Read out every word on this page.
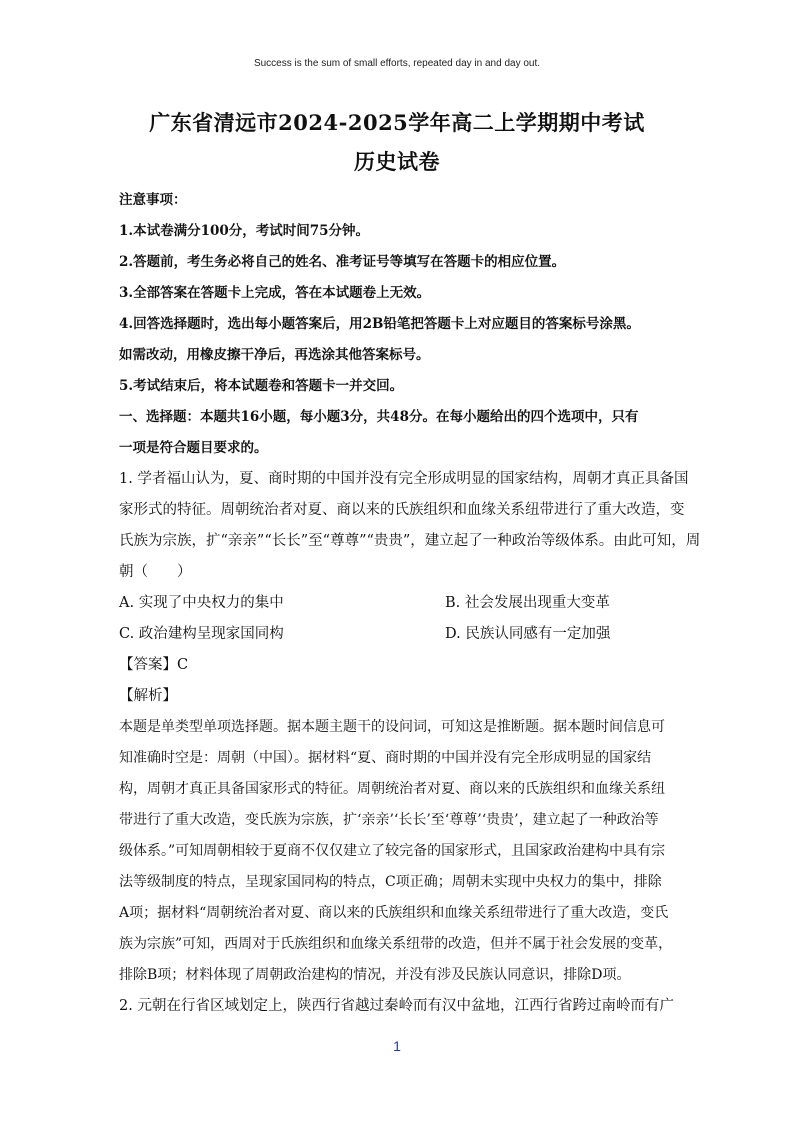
Success is the sum of small efforts, repeated day in and day out.
广东省清远市2024-2025学年高二上学期期中考试
历史试卷
注意事项：
1.本试卷满分100分，考试时间75分钟。
2.答题前，考生务必将自己的姓名、准考证号等填写在答题卡的相应位置。
3.全部答案在答题卡上完成，答在本试题卷上无效。
4.回答选择题时，选出每小题答案后，用2B铅笔把答题卡上对应题目的答案标号涂黑。
如需改动，用橡皮擦干净后，再选涂其他答案标号。
5.考试结束后，将本试题卷和答题卡一并交回。
一、选择题：本题共16小题，每小题3分，共48分。在每小题给出的四个选项中，只有
一项是符合题目要求的。
1. 学者福山认为，夏、商时期的中国并没有完全形成明显的国家结构，周朝才真正具备国
家形式的特征。周朝统治者对夏、商以来的氏族组织和血缘关系纽带进行了重大改造，变
氏族为宗族，扩“亲亲”“长长”至“尊尊”“贵贵”，建立起了一种政治等级体系。由此可知，周
朝（　　）
A. 实现了中央权力的集中	B. 社会发展出现重大变革
C. 政治建构呈现家国同构	D. 民族认同感有一定加强
【答案】C
【解析】
本题是单类型单项选择题。据本题主题干的设问词，可知这是推断题。据本题时间信息可
知准确时空是：周朝（中国）。据材料“夏、商时期的中国并没有完全形成明显的国家结
构，周朝才真正具备国家形式的特征。周朝统治者对夏、商以来的氏族组织和血缘关系纽
带进行了重大改造，变氏族为宗族，扩‘亲亲’‘长长’至‘尊尊’‘贵贵’，建立起了一种政治等
级体系。”可知周朝相较于夏商不仅仅建立了较完备的国家形式，且国家政治建构中具有宗
法等级制度的特点，呈现家国同构的特点，C项正确；周朝未实现中央权力的集中，排除
A项；据材料“周朝统治者对夏、商以来的氏族组织和血缘关系纽带进行了重大改造，变氏
族为宗族”可知，西周对于氏族组织和血缘关系纽带的改造，但并不属于社会发展的变革，
排除B项；材料体现了周朝政治建构的情况，并没有涉及民族认同意识，排除D项。
2. 元朝在行省区域划定上，陕西行省越过秦岭而有汉中盆地，江西行省跨过南岭而有广
1
